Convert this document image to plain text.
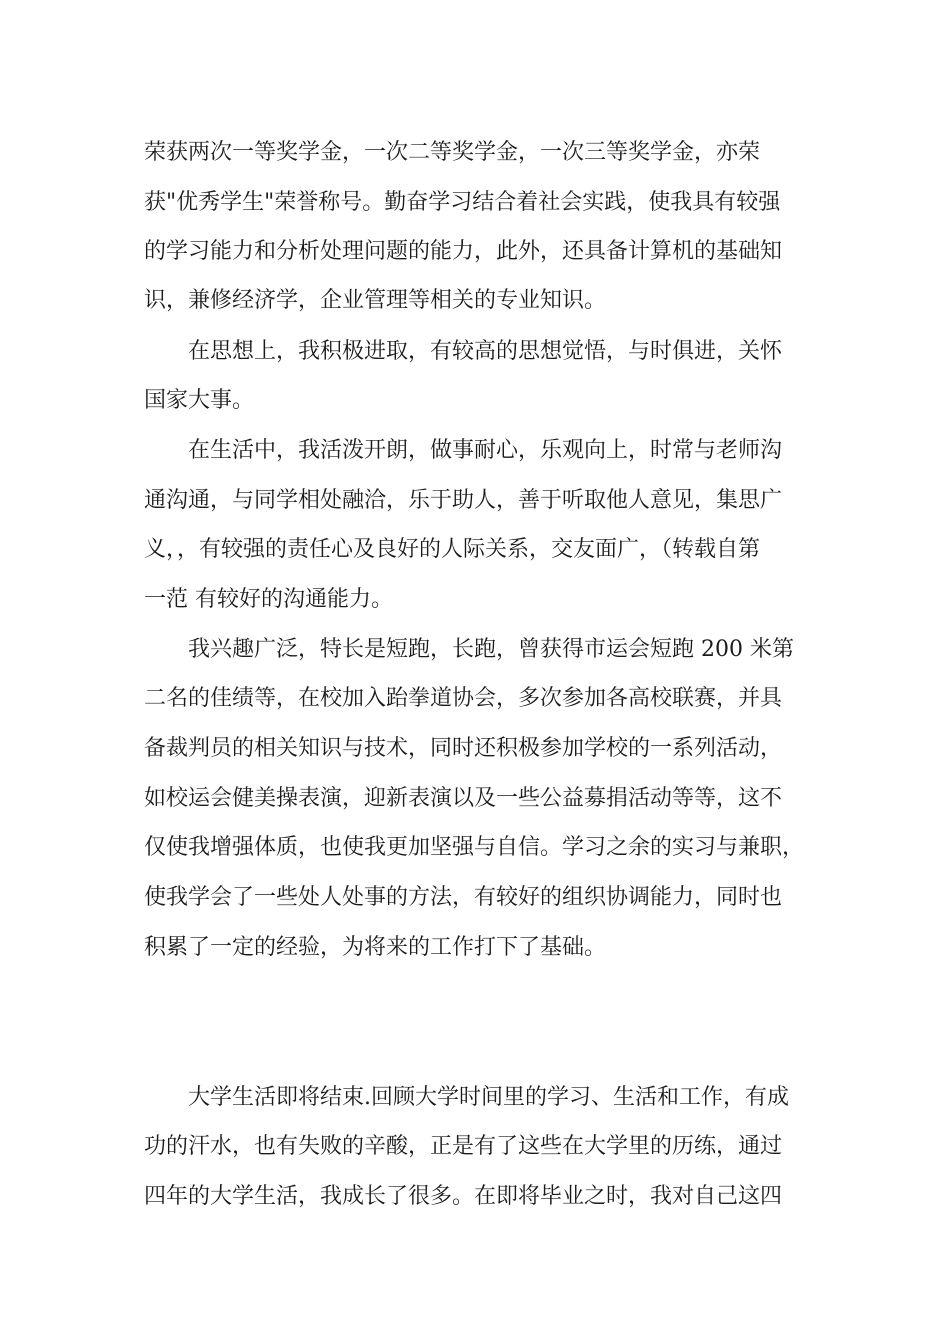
荣获两次一等奖学金，一次二等奖学金，一次三等奖学金，亦荣

获"优秀学生"荣誉称号。勤奋学习结合着社会实践，使我具有较强

的学习能力和分析处理问题的能力，此外，还具备计算机的基础知

识，兼修经济学，企业管理等相关的专业知识。

在思想上，我积极进取，有较高的思想觉悟，与时俱进，关怀

国家大事。

在生活中，我活泼开朗，做事耐心，乐观向上，时常与老师沟

通沟通，与同学相处融洽，乐于助人，善于听取他人意见，集思广

义，，有较强的责任心及良好的人际关系，交友面广，（转载自第

一范 有较好的沟通能力。

我兴趣广泛，特长是短跑，长跑，曾获得市运会短跑 200 米第

二名的佳绩等，在校加入跆拳道协会，多次参加各高校联赛，并具

备裁判员的相关知识与技术，同时还积极参加学校的一系列活动，

如校运会健美操表演，迎新表演以及一些公益募捐活动等等，这不

仅使我增强体质，也使我更加坚强与自信。学习之余的实习与兼职，

使我学会了一些处人处事的方法，有较好的组织协调能力，同时也

积累了一定的经验，为将来的工作打下了基础。

大学生活即将结束.回顾大学时间里的学习、生活和工作，有成

功的汗水，也有失败的辛酸，正是有了这些在大学里的历练，通过

四年的大学生活，我成长了很多。在即将毕业之时，我对自己这四
